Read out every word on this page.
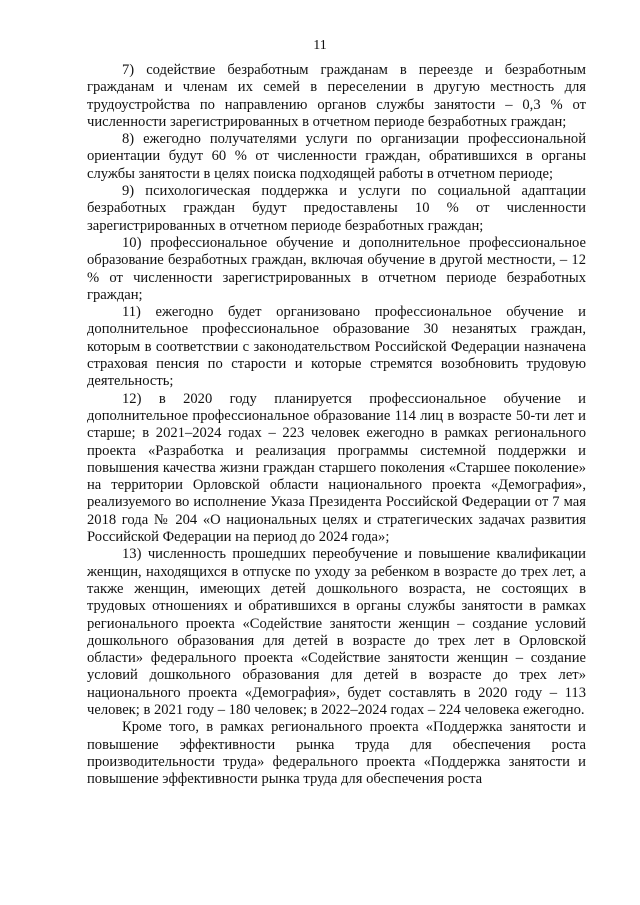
11

7) содействие безработным гражданам в переезде и безработным гражданам и членам их семей в переселении в другую местность для трудоустройства по направлению органов службы занятости – 0,3 % от численности зарегистрированных в отчетном периоде безработных граждан;

8) ежегодно получателями услуги по организации профессиональной ориентации будут 60 % от численности граждан, обратившихся в органы службы занятости в целях поиска подходящей работы в отчетном периоде;

9) психологическая поддержка и услуги по социальной адаптации безработных граждан будут предоставлены 10 % от численности зарегистрированных в отчетном периоде безработных граждан;

10) профессиональное обучение и дополнительное профессиональное образование безработных граждан, включая обучение в другой местности, – 12 % от численности зарегистрированных в отчетном периоде безработных граждан;

11) ежегодно будет организовано профессиональное обучение и дополнительное профессиональное образование 30 незанятых граждан, которым в соответствии с законодательством Российской Федерации назначена страховая пенсия по старости и которые стремятся возобновить трудовую деятельность;

12) в 2020 году планируется профессиональное обучение и дополнительное профессиональное образование 114 лиц в возрасте 50-ти лет и старше; в 2021–2024 годах – 223 человек ежегодно в рамках регионального проекта «Разработка и реализация программы системной поддержки и повышения качества жизни граждан старшего поколения «Старшее поколение» на территории Орловской области национального проекта «Демография», реализуемого во исполнение Указа Президента Российской Федерации от 7 мая 2018 года № 204 «О национальных целях и стратегических задачах развития Российской Федерации на период до 2024 года»;

13) численность прошедших переобучение и повышение квалификации женщин, находящихся в отпуске по уходу за ребенком в возрасте до трех лет, а также женщин, имеющих детей дошкольного возраста, не состоящих в трудовых отношениях и обратившихся в органы службы занятости в рамках регионального проекта «Содействие занятости женщин – создание условий дошкольного образования для детей в возрасте до трех лет в Орловской области» федерального проекта «Содействие занятости женщин – создание условий дошкольного образования для детей в возрасте до трех лет» национального проекта «Демография», будет составлять в 2020 году – 113 человек; в 2021 году – 180 человек; в 2022–2024 годах – 224 человека ежегодно.

Кроме того, в рамках регионального проекта «Поддержка занятости и повышение эффективности рынка труда для обеспечения роста производительности труда» федерального проекта «Поддержка занятости и повышение эффективности рынка труда для обеспечения роста
